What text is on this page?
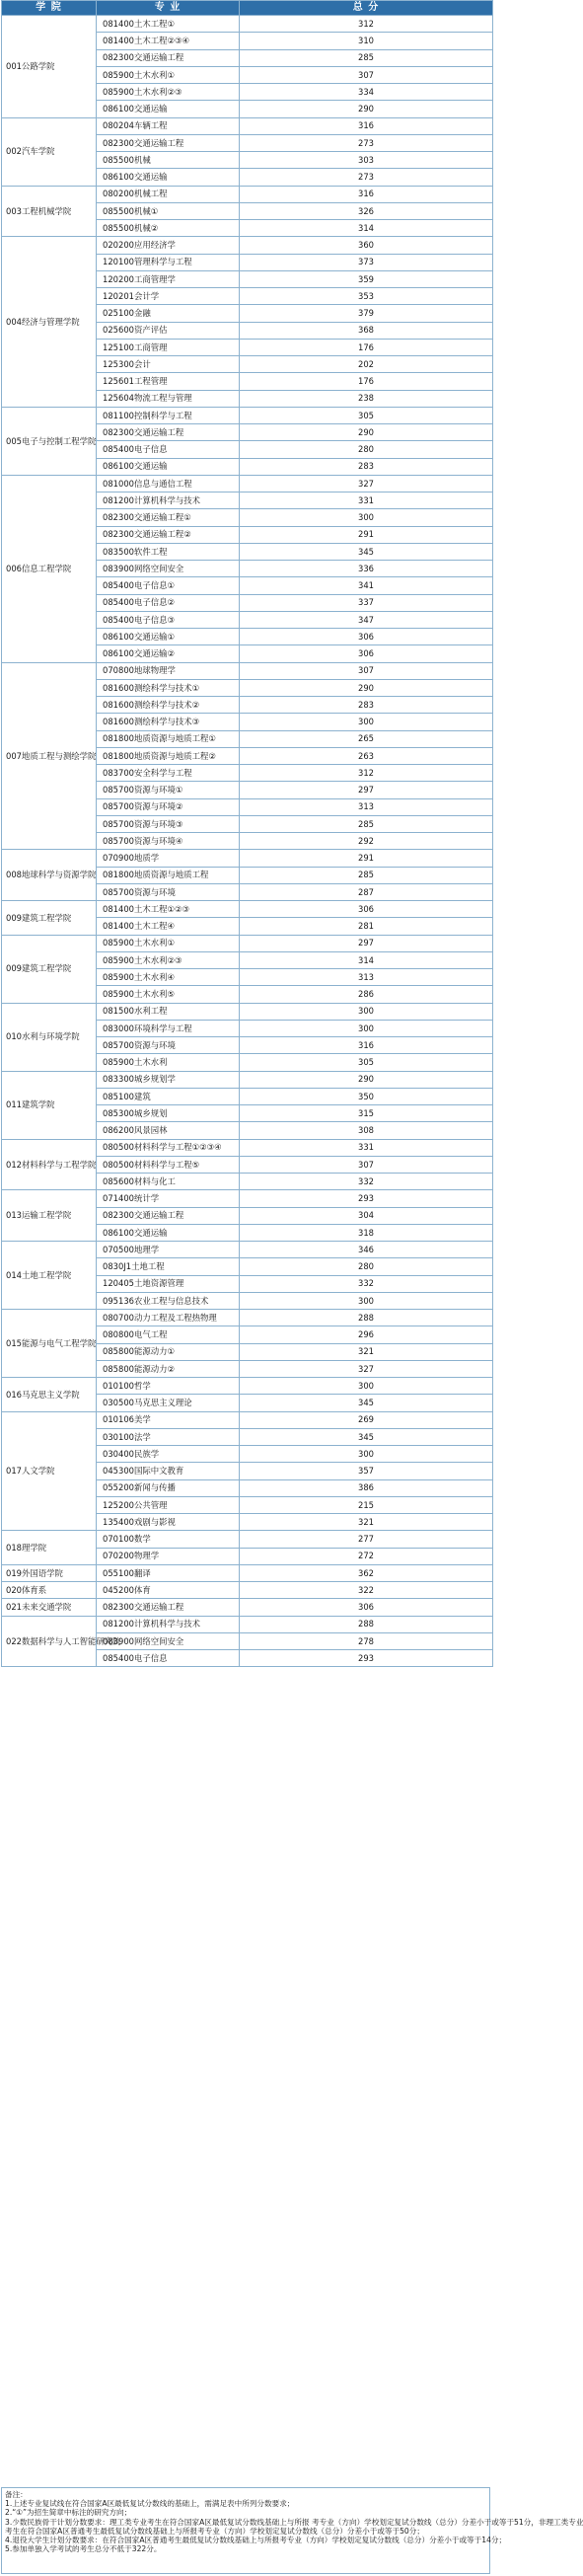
学 院	专 业	总 分
001公路学院	081400土木工程①	312
	081400土木工程②③④	310
	082300交通运输工程	285
	085900土木水利①	307
	085900土木水利②③	334
	086100交通运输	290
002汽车学院	080204车辆工程	316
	082300交通运输工程	273
	085500机械	303
	086100交通运输	273
003工程机械学院	080200机械工程	316
	085500机械①	326
	085500机械②	314
004经济与管理学院	020200应用经济学	360
	120100管理科学与工程	373
	120200工商管理学	359
	120201会计学	353
	025100金融	379
	025600资产评估	368
	125100工商管理	176
	125300会计	202
	125601工程管理	176
	125604物流工程与管理	238
005电子与控制工程学院	081100控制科学与工程	305
	082300交通运输工程	290
	085400电子信息	280
	086100交通运输	283
006信息工程学院	081000信息与通信工程	327
	081200计算机科学与技术	331
	082300交通运输工程①	300
	082300交通运输工程②	291
	083500软件工程	345
	083900网络空间安全	336
	085400电子信息①	341
	085400电子信息②	337
	085400电子信息③	347
	086100交通运输①	306
	086100交通运输②	306
007地质工程与测绘学院	070800地球物理学	307
	081600测绘科学与技术①	290
	081600测绘科学与技术②	283
	081600测绘科学与技术③	300
	081800地质资源与地质工程①	265
	081800地质资源与地质工程②	263
	083700安全科学与工程	312
	085700资源与环境①	297
	085700资源与环境②	313
	085700资源与环境③	285
	085700资源与环境④	292
008地球科学与资源学院	070900地质学	291
	081800地质资源与地质工程	285
	085700资源与环境	287
009建筑工程学院	081400土木工程①②③	306
	081400土木工程④	281
009建筑工程学院	085900土木水利①	297
	085900土木水利②③	314
	085900土木水利④	313
	085900土木水利⑤	286
010水利与环境学院	081500水利工程	300
	083000环境科学与工程	300
	085700资源与环境	316
	085900土木水利	305
011建筑学院	083300城乡规划学	290
	085100建筑	350
	085300城乡规划	315
	086200风景园林	308
012材料科学与工程学院	080500材料科学与工程①②③④	331
	080500材料科学与工程⑤	307
	085600材料与化工	332
013运输工程学院	071400统计学	293
	082300交通运输工程	304
	086100交通运输	318
014土地工程学院	070500地理学	346
	0830J1土地工程	280
	120405土地资源管理	332
	095136农业工程与信息技术	300
015能源与电气工程学院	080700动力工程及工程热物理	288
	080800电气工程	296
	085800能源动力①	321
	085800能源动力②	327
016马克思主义学院	010100哲学	300
	030500马克思主义理论	345
017人文学院	010106美学	269
	030100法学	345
	030400民族学	300
	045300国际中文教育	357
	055200新闻与传播	386
	125200公共管理	215
	135400戏剧与影视	321
018理学院	070100数学	277
	070200物理学	272
019外国语学院	055100翻译	362
020体育系	045200体育	322
021未来交通学院	082300交通运输工程	306
022数据科学与人工智能研究院	081200计算机科学与技术	288
	083900网络空间安全	278
	085400电子信息	293
备注：
1.上述专业复试线在符合国家A区最低复试分数线的基础上，需满足表中所列分数要求；
2.“①”为招生简章中标注的研究方向；
3.少数民族骨干计划分数要求：理工类专业考生在符合国家A区最低复试分数线基础上与所报 考专业（方向）学校划定复试分数线（总分）分差小于或等于51分，非理工类专业
考生在符合国家A区普通考生最低复试分数线基础上与所报考专业（方向）学校划定复试分数线（总分）分差小于或等于50分；
4.退役大学生计划分数要求：在符合国家A区普通考生最低复试分数线基础上与所报考专业（方向）学校划定复试分数线（总分）分差小于或等于14分；
5.参加单独入学考试的考生总分不低于322分。
